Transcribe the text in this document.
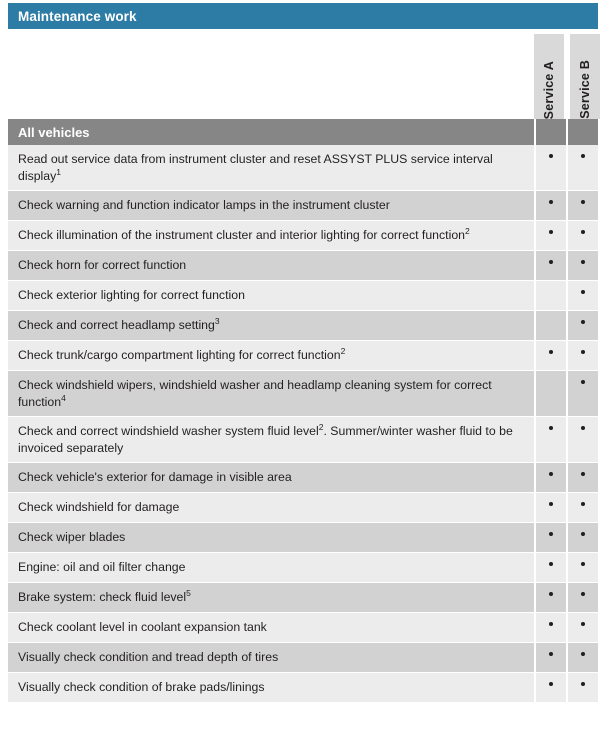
Maintenance work
Service A Service B
All vehicles
Read out service data from instrument cluster and reset ASSYST PLUS service interval display$^1$
Check warning and function indicator lamps in the instrument cluster
Check illumination of the instrument cluster and interior lighting for correct function$^2$
Check horn for correct function
Check exterior lighting for correct function
Check and correct headlamp setting$^3$
Check trunk/cargo compartment lighting for correct function$^2$
Check windshield wipers, windshield washer and headlamp cleaning system for correct function$^4$
Check and correct windshield washer system fluid level$^2$. Summer/winter washer fluid to be invoiced separately
Check vehicle's exterior for damage in visible area
Check windshield for damage
Check wiper blades
Engine: oil and oil filter change
Brake system: check fluid level$^5$
Check coolant level in coolant expansion tank
Visually check condition and tread depth of tires
Visually check condition of brake pads/linings
